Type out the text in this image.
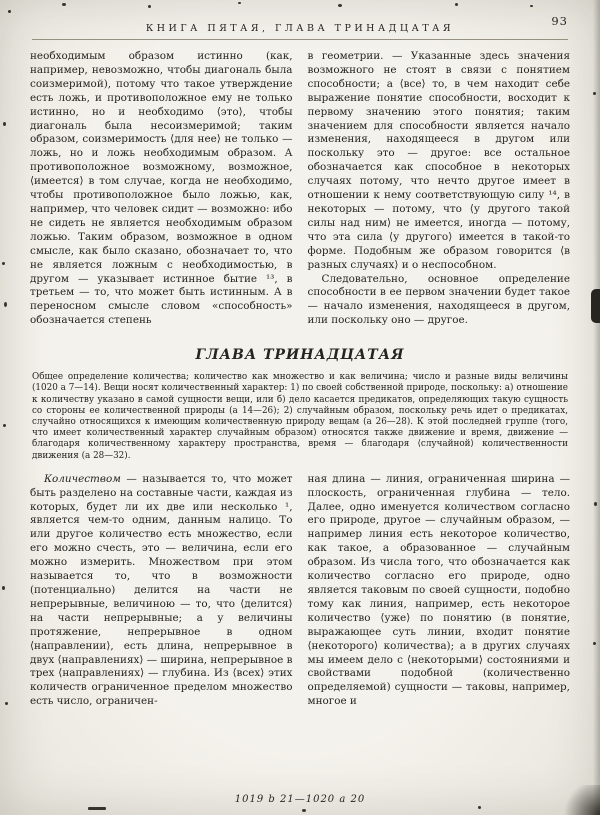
КНИГА ПЯТАЯ, ГЛАВА ТРИНАДЦАТАЯ
93

необходимым образом истинно (как, например, невозможно, чтобы диагональ была соизмеримой), потому что такое утверждение есть ложь, и противоположное ему не только истинно, но и необходимо ⟨это⟩, чтобы диагональ была несоизмеримой; таким образом, соизмеримость ⟨для нее⟩ не только — ложь, но и ложь необходимым образом. А противоположное возможному, возможное, ⟨имеется⟩ в том случае, когда не необходимо, чтобы противоположное было ложью, как, например, что человек сидит — возможно: ибо не сидеть не является необходимым образом ложью. Таким образом, возможное в одном смысле, как было сказано, обозначает то, что не является ложным с необходимостью, в другом — указывает истинное бытие ¹³, в третьем — то, что может быть истинным. А в переносном смысле словом «способность» обозначается степень

в геометрии. — Указанные здесь значения возможного не стоят в связи с понятием способности; а ⟨все⟩ то, в чем находит себе выражение понятие способности, восходит к первому значению этого понятия; таким значением для способности является начало изменения, находящееся в другом или поскольку это — другое: все остальное обозначается как способное в некоторых случаях потому, что нечто другое имеет в отношении к нему соответствующую силу ¹⁴, в некоторых — потому, что ⟨у другого такой силы над ним⟩ не имеется, иногда — потому, что эта сила ⟨у другого⟩ имеется в такой-то форме. Подобным же образом говорится ⟨в разных случаях⟩ и о неспособном.

Следовательно, основное определение способности в ее первом значении будет такое — начало изменения, находящееся в другом, или поскольку оно — другое.

ГЛАВА ТРИНАДЦАТАЯ

Общее определение количества; количество как множество и как величина; число и разные виды величины (1020 а 7—14). Вещи носят количественный характер: 1) по своей собственной природе, поскольку: а) отношение к количеству указано в самой сущности вещи, или б) дело касается предикатов, определяющих такую сущность со стороны ее количественной природы (а 14—26); 2) случайным образом, поскольку речь идет о предикатах, случайно относящихся к имеющим количественную природу вещам (а 26—28). К этой последней группе (того, что имеет количественный характер случайным образом) относятся также движение и время, движение — благодаря количественному характеру пространства, время — благодаря ⟨случайной⟩ количественности движения (а 28—32).

Количеством — называется то, что может быть разделено на составные части, каждая из которых, будет ли их две или несколько ¹, является чем-то одним, данным налицо. То или другое количество есть множество, если его можно счесть, это — величина, если его можно измерить. Множеством при этом называется то, что в возможности (потенциально) делится на части не непрерывные, величиною — то, что ⟨делится⟩ на части непрерывные; а у величины протяжение, непрерывное в одном ⟨направлении⟩, есть длина, непрерывное в двух ⟨направлениях⟩ — ширина, непрерывное в трех ⟨направлениях⟩ — глубина. Из ⟨всех⟩ этих количеств ограниченное пределом множество есть число, ограничен-

ная длина — линия, ограниченная ширина — плоскость, ограниченная глубина — тело. Далее, одно именуется количеством согласно его природе, другое — случайным образом, — например линия есть некоторое количество, как такое, а образованное — случайным образом. Из числа того, что обозначается как количество согласно его природе, одно является таковым по своей сущности, подобно тому как линия, например, есть некоторое количество ⟨уже⟩ по понятию (в понятие, выражающее суть линии, входит понятие ⟨некоторого⟩ количества); а в других случаях мы имеем дело с ⟨некоторыми⟩ состояниями и свойствами подобной (количественно определяемой) сущности — таковы, например, многое и

1019 b 21—1020 a 20
